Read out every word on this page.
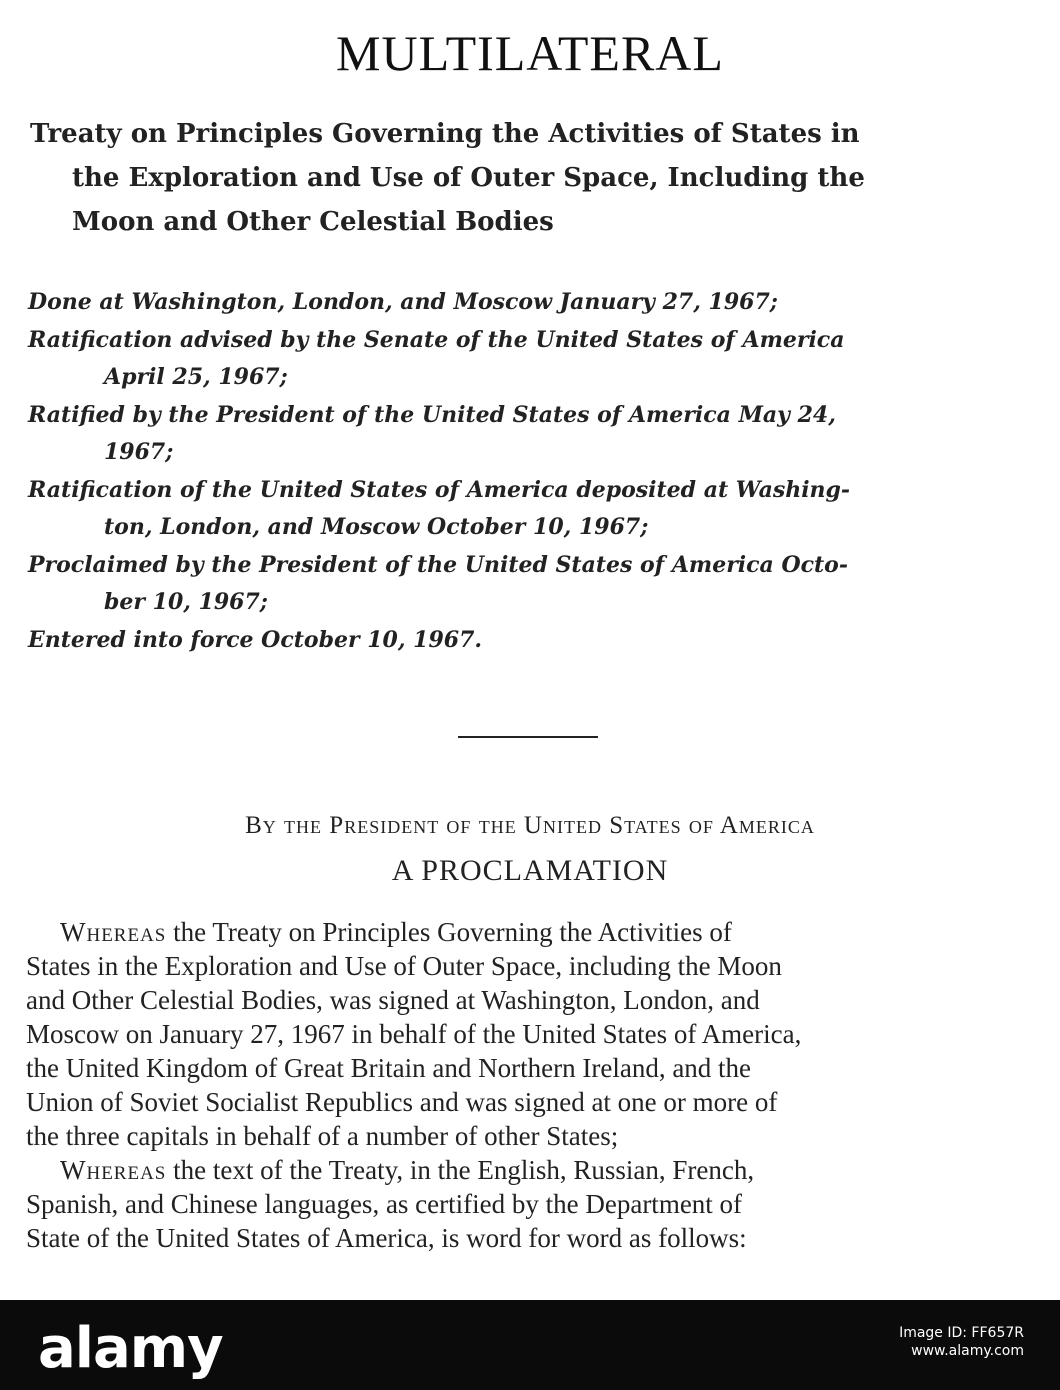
MULTILATERAL
Treaty on Principles Governing the Activities of States in
the Exploration and Use of Outer Space, Including the
Moon and Other Celestial Bodies
Done at Washington, London, and Moscow January 27, 1967;
Ratification advised by the Senate of the United States of America
April 25, 1967;
Ratified by the President of the United States of America May 24,
1967;
Ratification of the United States of America deposited at Washing-
ton, London, and Moscow October 10, 1967;
Proclaimed by the President of the United States of America Octo-
ber 10, 1967;
Entered into force October 10, 1967.

By the President of the United States of America

A PROCLAMATION

Whereas the Treaty on Principles Governing the Activities of
States in the Exploration and Use of Outer Space, including the Moon
and Other Celestial Bodies, was signed at Washington, London, and
Moscow on January 27, 1967 in behalf of the United States of America,
the United Kingdom of Great Britain and Northern Ireland, and the
Union of Soviet Socialist Republics and was signed at one or more of
the three capitals in behalf of a number of other States;

Whereas the text of the Treaty, in the English, Russian, French,
Spanish, and Chinese languages, as certified by the Department of
State of the United States of America, is word for word as follows:

alamy	Image ID: FF657R
www.alamy.com
